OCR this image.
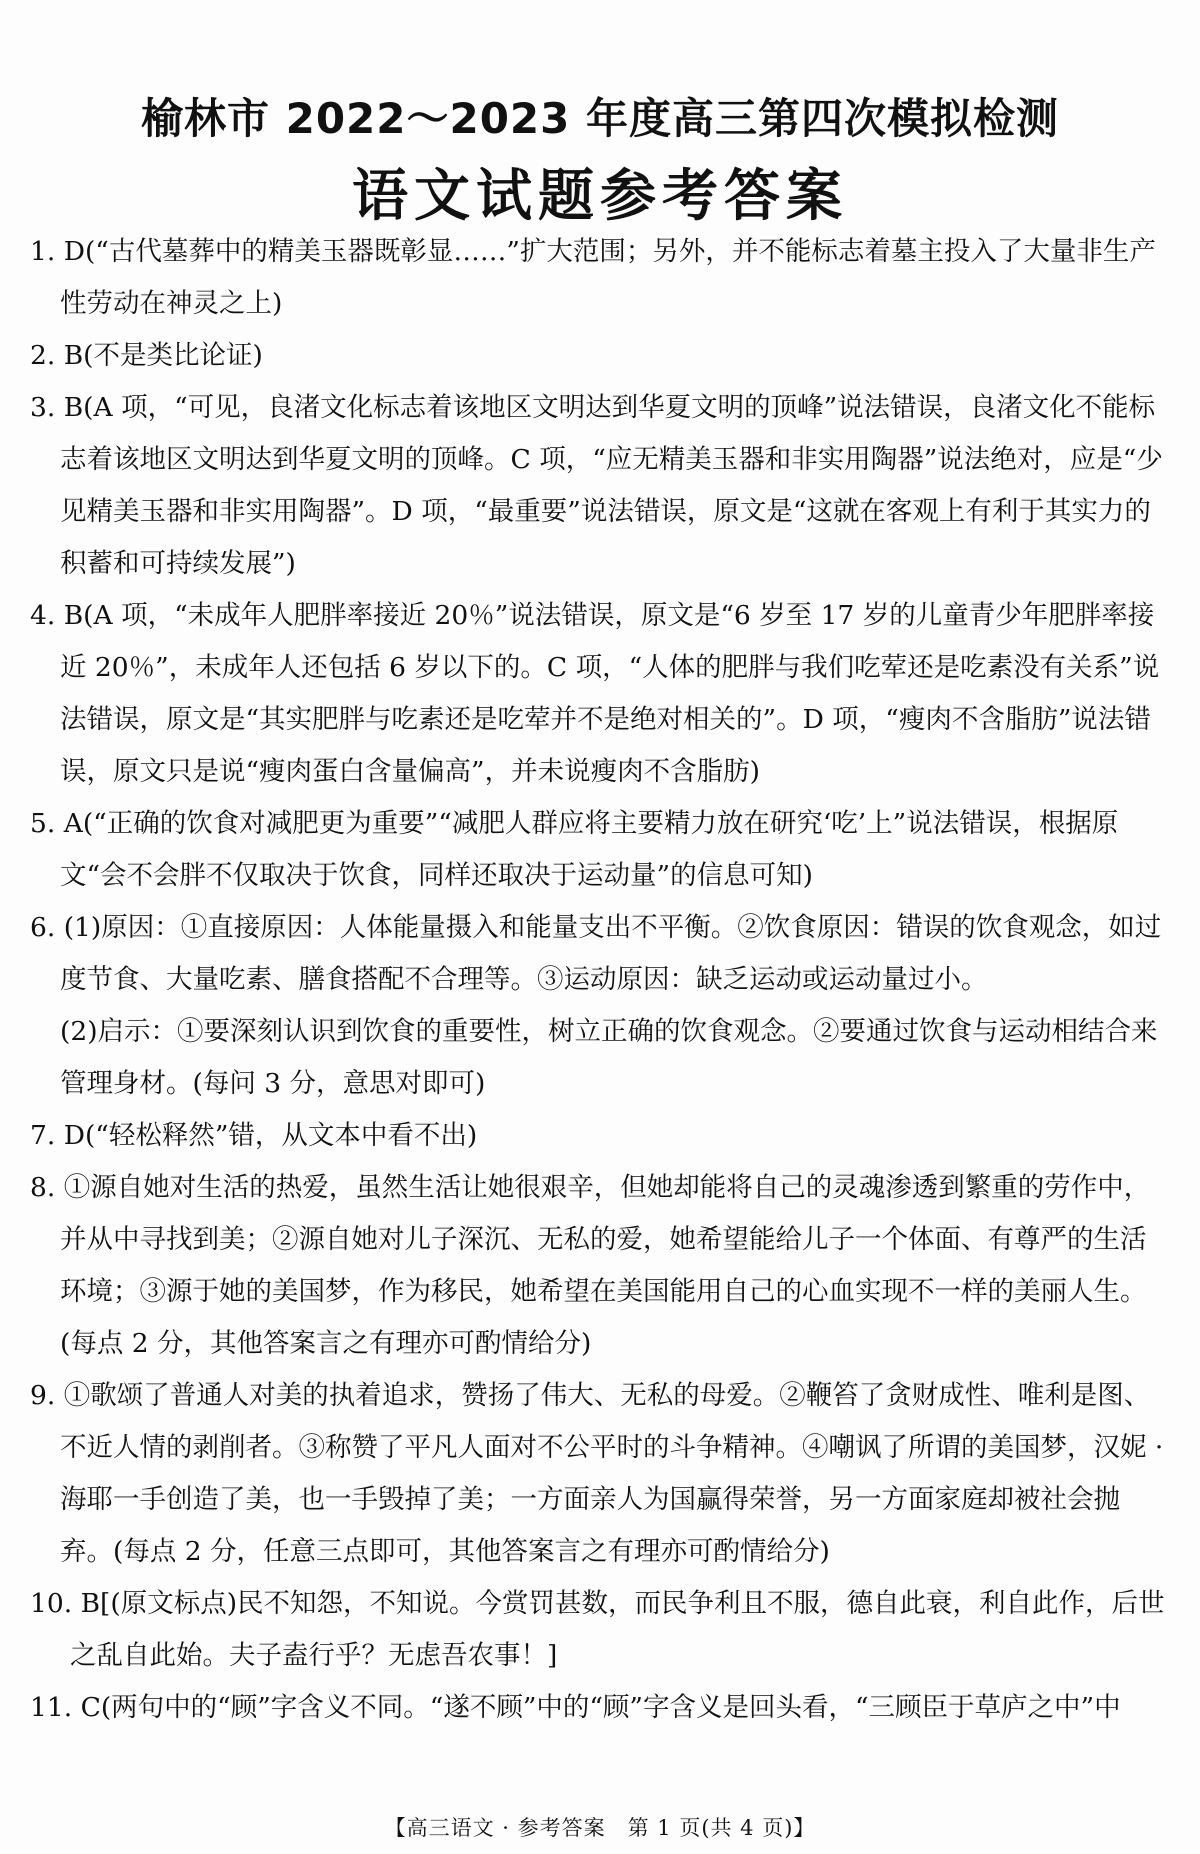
榆林市 2022～2023 年度高三第四次模拟检测
语文试题参考答案
1. D(“古代墓葬中的精美玉器既彰显……”扩大范围；另外，并不能标志着墓主投入了大量非生产性劳动在神灵之上)
2. B(不是类比论证)
3. B(A 项，“可见，良渚文化标志着该地区文明达到华夏文明的顶峰”说法错误，良渚文化不能标志着该地区文明达到华夏文明的顶峰。C 项，“应无精美玉器和非实用陶器”说法绝对，应是“少见精美玉器和非实用陶器”。D 项，“最重要”说法错误，原文是“这就在客观上有利于其实力的积蓄和可持续发展”)
4. B(A 项，“未成年人肥胖率接近 20％”说法错误，原文是“6 岁至 17 岁的儿童青少年肥胖率接近 20％”，未成年人还包括 6 岁以下的。C 项，“人体的肥胖与我们吃荤还是吃素没有关系”说法错误，原文是“其实肥胖与吃素还是吃荤并不是绝对相关的”。D 项，“瘦肉不含脂肪”说法错误，原文只是说“瘦肉蛋白含量偏高”，并未说瘦肉不含脂肪)
5. A(“正确的饮食对减肥更为重要”“减肥人群应将主要精力放在研究‘吃’上”说法错误，根据原文“会不会胖不仅取决于饮食，同样还取决于运动量”的信息可知)
6. (1)原因：①直接原因：人体能量摄入和能量支出不平衡。②饮食原因：错误的饮食观念，如过度节食、大量吃素、膳食搭配不合理等。③运动原因：缺乏运动或运动量过小。
(2)启示：①要深刻认识到饮食的重要性，树立正确的饮食观念。②要通过饮食与运动相结合来管理身材。(每问 3 分，意思对即可)
7. D(“轻松释然”错，从文本中看不出)
8. ①源自她对生活的热爱，虽然生活让她很艰辛，但她却能将自己的灵魂渗透到繁重的劳作中，并从中寻找到美；②源自她对儿子深沉、无私的爱，她希望能给儿子一个体面、有尊严的生活环境；③源于她的美国梦，作为移民，她希望在美国能用自己的心血实现不一样的美丽人生。(每点 2 分，其他答案言之有理亦可酌情给分)
9. ①歌颂了普通人对美的执着追求，赞扬了伟大、无私的母爱。②鞭笞了贪财成性、唯利是图、不近人情的剥削者。③称赞了平凡人面对不公平时的斗争精神。④嘲讽了所谓的美国梦，汉妮 · 海耶一手创造了美，也一手毁掉了美；一方面亲人为国赢得荣誉，另一方面家庭却被社会抛弃。(每点 2 分，任意三点即可，其他答案言之有理亦可酌情给分)
10. B[(原文标点)民不知怨，不知说。今赏罚甚数，而民争利且不服，德自此衰，利自此作，后世之乱自此始。夫子盍行乎？无虑吾农事！]
11. C(两句中的“顾”字含义不同。“遂不顾”中的“顾”字含义是回头看，“三顾臣于草庐之中”中
【高三语文 · 参考答案　第 1 页(共 4 页)】
